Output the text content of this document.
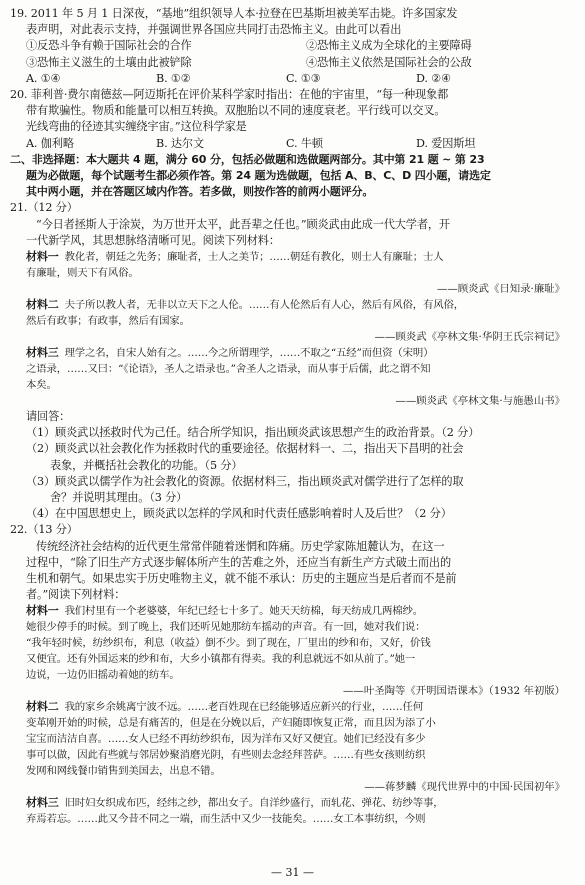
19. 2011 年 5 月 1 日深夜，“基地”组织领导人本·拉登在巴基斯坦被美军击毙。许多国家发
表声明，对此表示支持，并强调世界各国应共同打击恐怖主义。由此可以看出
①反恐斗争有赖于国际社会的合作	②恐怖主义成为全球化的主要障碍
③恐怖主义滋生的土壤由此被铲除	④恐怖主义依然是国际社会的公敌
A. ①④	B. ①②	C. ①③	D. ②④
20. 菲利普·费尔南德兹—阿迈斯托在评价某科学家时指出：在他的宇宙里，“每一种现象都
带有欺骗性。物质和能量可以相互转换。双胞胎以不同的速度衰老。平行线可以交叉。
光线弯曲的径迹其实缠绕宇宙。”这位科学家是
A. 伽利略	B. 达尔文	C. 牛顿	D. 爱因斯坦
二、非选择题：本大题共 4 题，满分 60 分，包括必做题和选做题两部分。其中第 21 题 ~ 第 23
题为必做题，每个试题考生都必须作答。第 24 题为选做题，包括 A、B、C、D 四小题，请选定
其中两小题，并在答题区域内作答。若多做，则按作答的前两小题评分。
21.（12 分）
“今日者拯斯人于涂炭，为万世开太平，此吾辈之任也。”顾炎武由此成一代大学者，开
一代新学风，其思想脉络清晰可见。阅读下列材料：
材料一 教化者，朝廷之先务；廉耻者，士人之美节；……朝廷有教化，则士人有廉耻；士人
有廉耻，则天下有风俗。
——顾炎武《日知录·廉耻》
材料二 夫子所以教人者，无非以立天下之人伦。……有人伦然后有人心，然后有风俗，有风俗，
然后有政事；有政事，然后有国家。
——顾炎武《亭林文集·华阴王氏宗祠记》
材料三 理学之名，自宋人始有之。……今之所谓理学，……不取之“五经”而但资（宋明）
之语录，……又曰：“《论语》，圣人之语录也。”舍圣人之语录，而从事于后儒，此之谓不知
本矣。
——顾炎武《亭林文集·与施愚山书》
请回答：
（1）顾炎武以拯救时代为己任。结合所学知识，指出顾炎武该思想产生的政治背景。（2 分）
（2）顾炎武以社会教化作为拯救时代的重要途径。依据材料一、二，指出天下昌明的社会
表象，并概括社会教化的功能。（5 分）
（3）顾炎武以儒学作为社会教化的资源。依据材料三，指出顾炎武对儒学进行了怎样的取
舍？并说明其理由。（3 分）
（4）在中国思想史上，顾炎武以怎样的学风和时代责任感影响着时人及后世？（2 分）
22.（13 分）
传统经济社会结构的近代更生常常伴随着迷惘和阵痛。历史学家陈旭麓认为，在这一
过程中，“除了旧生产方式逐步解体所产生的苦难之外，还应当有新生产方式破土而出的
生机和朝气。如果忠实于历史唯物主义，就不能不承认：历史的主题应当是后者而不是前
者。”阅读下列材料：
材料一 我们村里有一个老婆婆，年纪已经七十多了。她天天纺棉，每天纺成几两棉纱。
她很少停手的时候。到了晚上，我们还听见她那纺车摇动的声音。有一回，她对我们说：
“我年轻时候，纺纱织布，利息（收益）倒不少。到了现在，厂里出的纱和布，又好，价钱
又便宜。还有外国运来的纱和布，大乡小镇都有得卖。我的利息就远不如从前了。”她一
边说，一边仍旧摇动着她的纺车。
——叶圣陶等《开明国语课本》（1932 年初版）
材料二 我的家乡余姚离宁波不远。……老百姓现在已经能够适应新兴的行业，……任何
变革刚开始的时候，总是有痛苦的，但是在分娩以后，产妇随即恢复正常，而且因为添了小
宝宝而洁洁自喜。……女人已经不再纺纱织布，因为洋布又好又便宜。她们已经没有多少
事可以做，因此有些就与邻居妙聚消磨光阴，有些则去念经拜菩萨。……有些女孩则纺织
发网和网线餐巾销售到美国去，出息不错。
——蒋梦麟《现代世界中的中国·民国初年》
材料三 旧时妇女织成布匹，经纬之纱，都出女子。自洋纱盛行，而轧花、弹花、纺纱等事，
弃焉若忘。……此又今昔不同之一端，而生活中又少一技能矣。……女工本事纺织，今则
— 31 —
